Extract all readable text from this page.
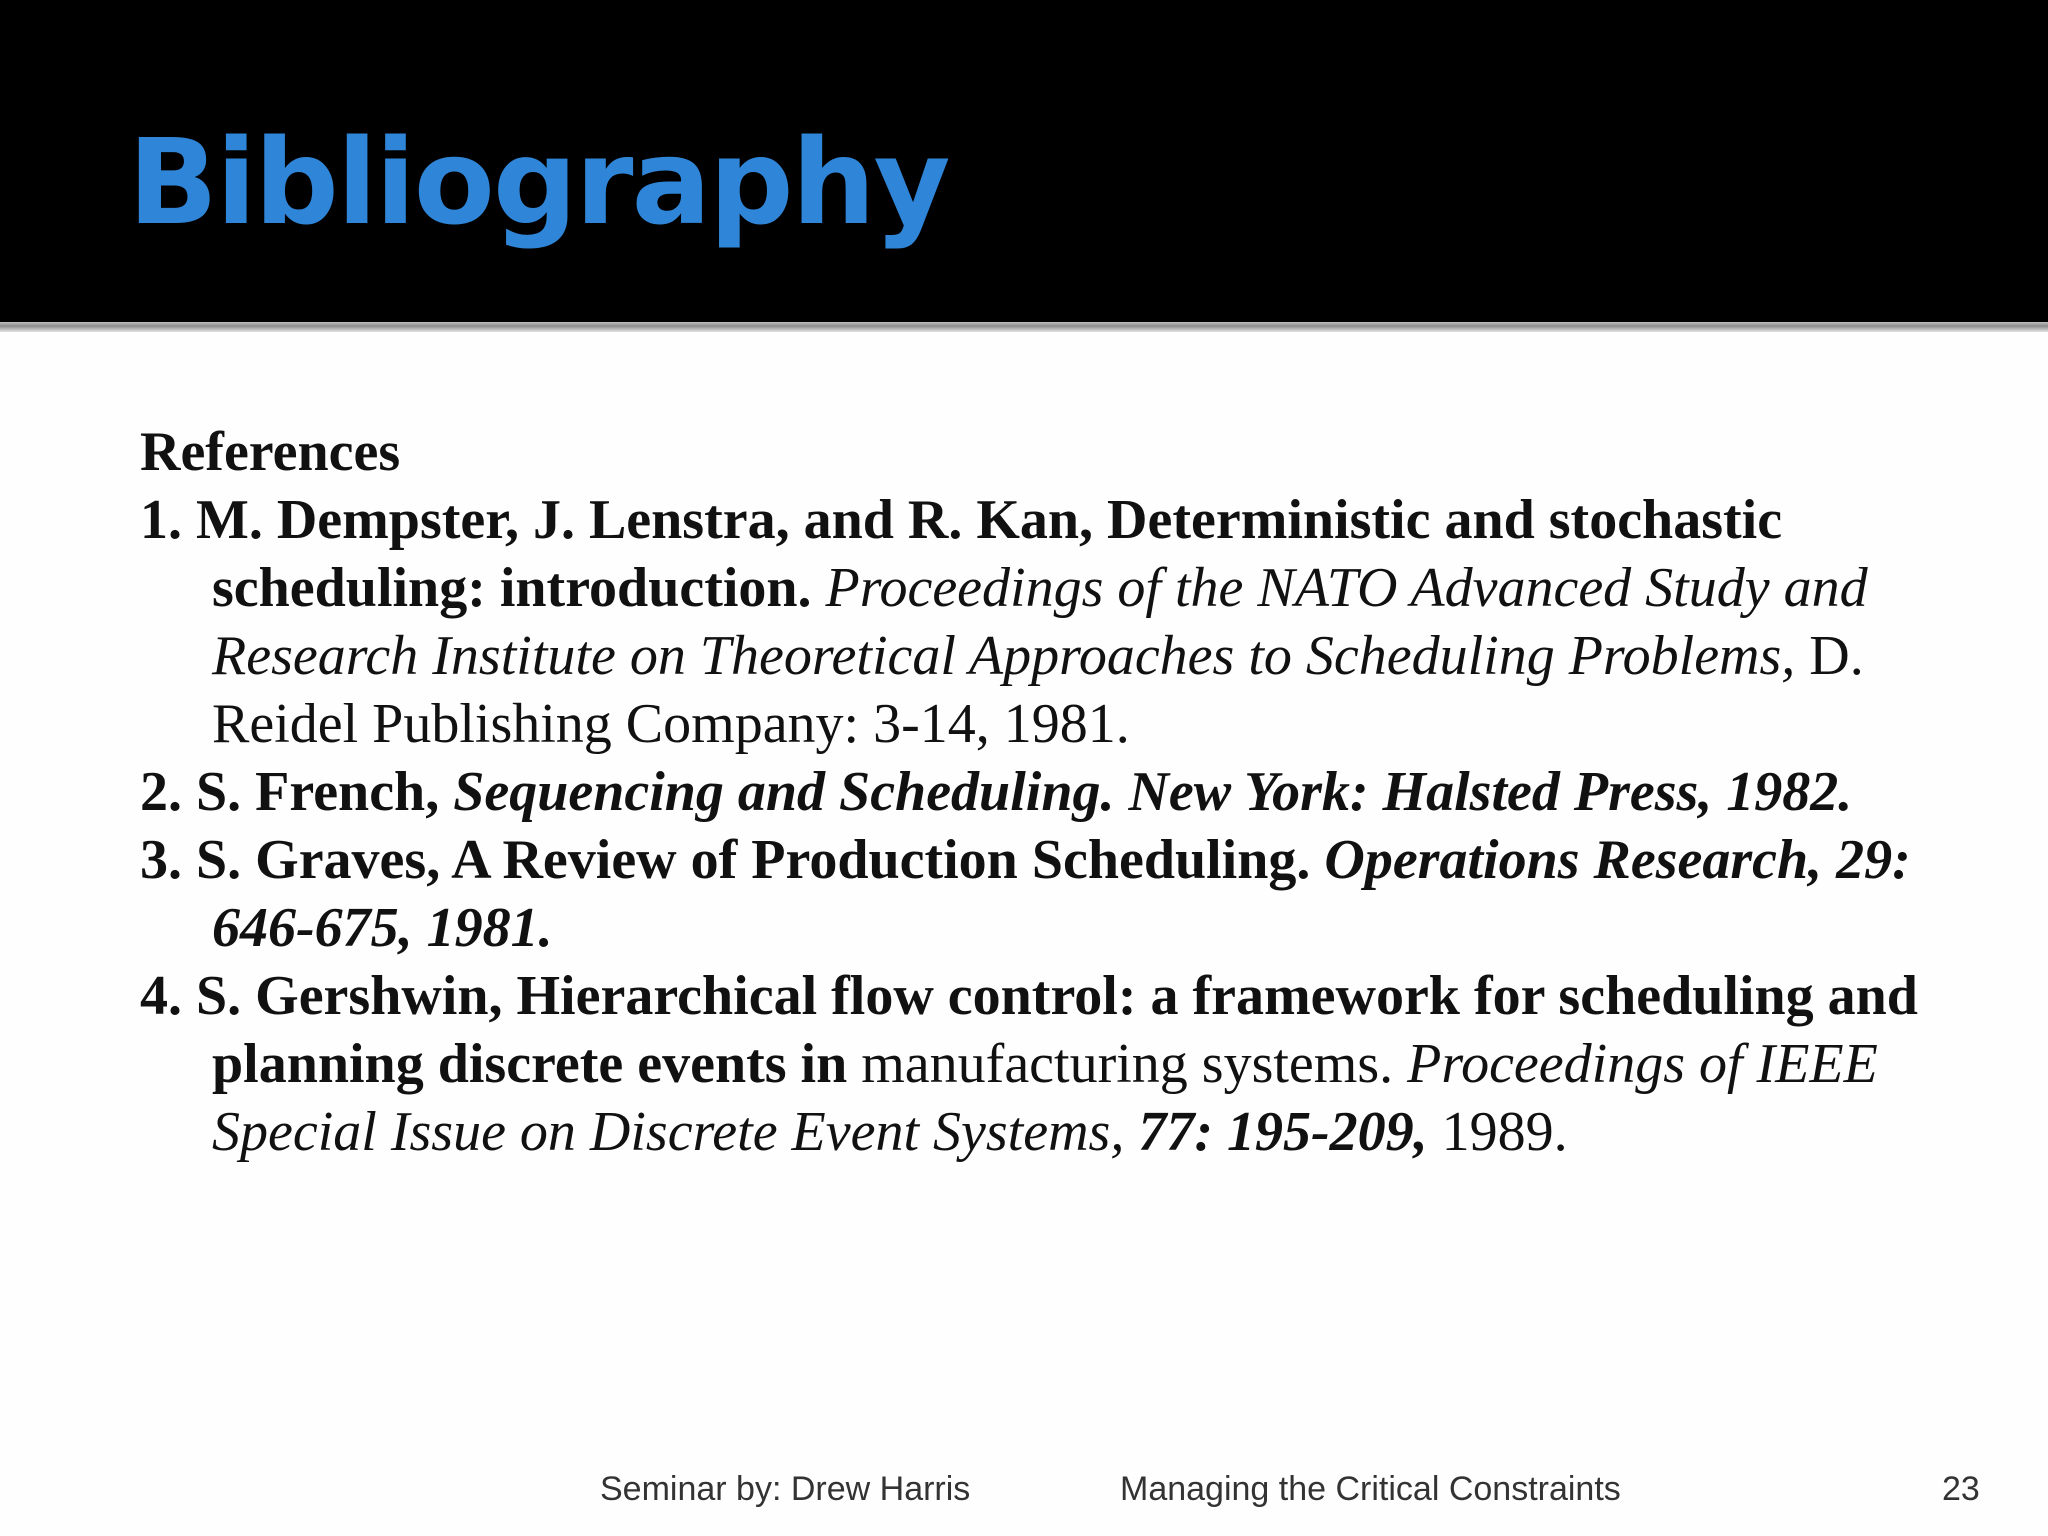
Bibliography

References

1. M. Dempster, J. Lenstra, and R. Kan, Deterministic and stochastic scheduling: introduction. Proceedings of the NATO Advanced Study and Research Institute on Theoretical Approaches to Scheduling Problems, D. Reidel Publishing Company: 3-14, 1981.

2. S. French, Sequencing and Scheduling. New York: Halsted Press, 1982.

3. S. Graves, A Review of Production Scheduling. Operations Research, 29: 646-675, 1981.

4. S. Gershwin, Hierarchical flow control: a framework for scheduling and planning discrete events in manufacturing systems. Proceedings of IEEE Special Issue on Discrete Event Systems, 77: 195-209, 1989.

Seminar by: Drew Harris	Managing the Critical Constraints	23
